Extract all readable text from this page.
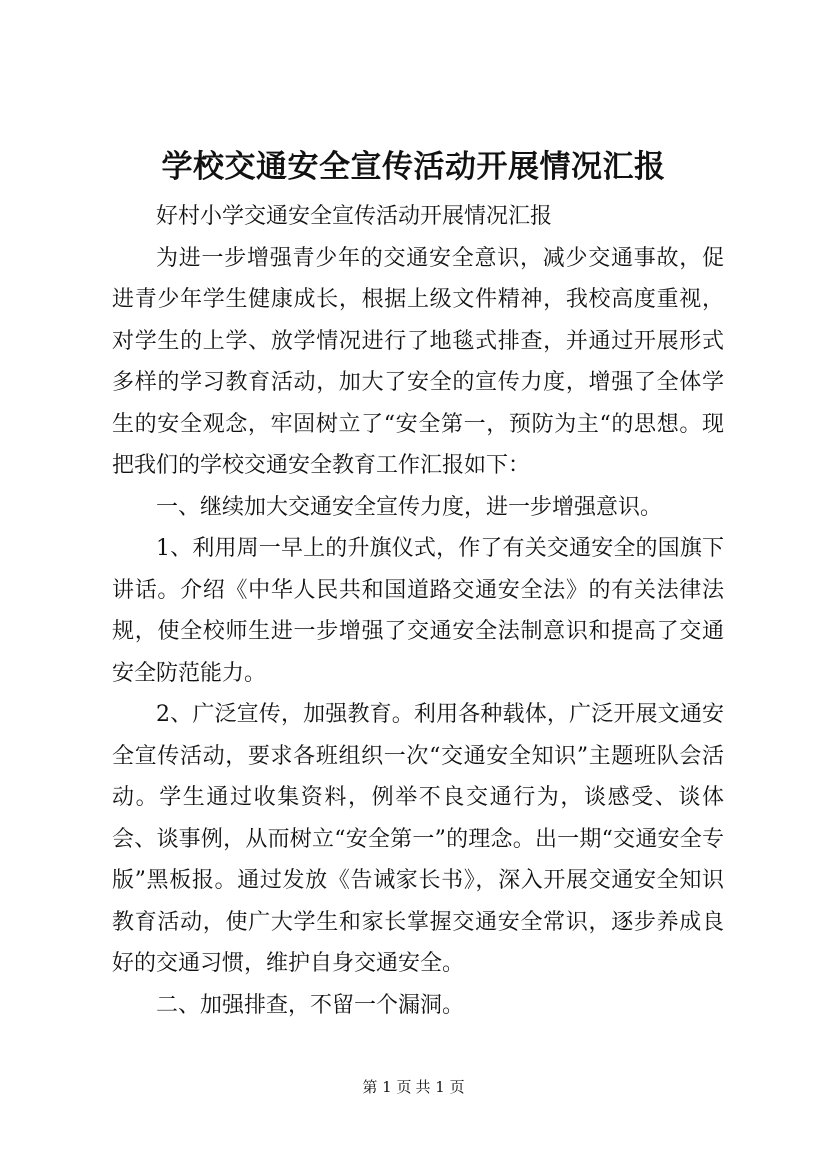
学校交通安全宣传活动开展情况汇报

好村小学交通安全宣传活动开展情况汇报

为进一步增强青少年的交通安全意识，减少交通事故，促进青少年学生健康成长，根据上级文件精神，我校高度重视，对学生的上学、放学情况进行了地毯式排查，并通过开展形式多样的学习教育活动，加大了安全的宣传力度，增强了全体学生的安全观念，牢固树立了“安全第一，预防为主“的思想。现把我们的学校交通安全教育工作汇报如下：

一、继续加大交通安全宣传力度，进一步增强意识。

1、利用周一早上的升旗仪式，作了有关交通安全的国旗下讲话。介绍《中华人民共和国道路交通安全法》的有关法律法规，使全校师生进一步增强了交通安全法制意识和提高了交通安全防范能力。

2、广泛宣传，加强教育。利用各种载体，广泛开展文通安全宣传活动，要求各班组织一次“交通安全知识”主题班队会活动。学生通过收集资料，例举不良交通行为，谈感受、谈体会、谈事例，从而树立“安全第一”的理念。出一期“交通安全专版”黑板报。通过发放《告诫家长书》，深入开展交通安全知识教育活动，使广大学生和家长掌握交通安全常识，逐步养成良好的交通习惯，维护自身交通安全。

二、加强排查，不留一个漏洞。

第 1 页 共 1 页
